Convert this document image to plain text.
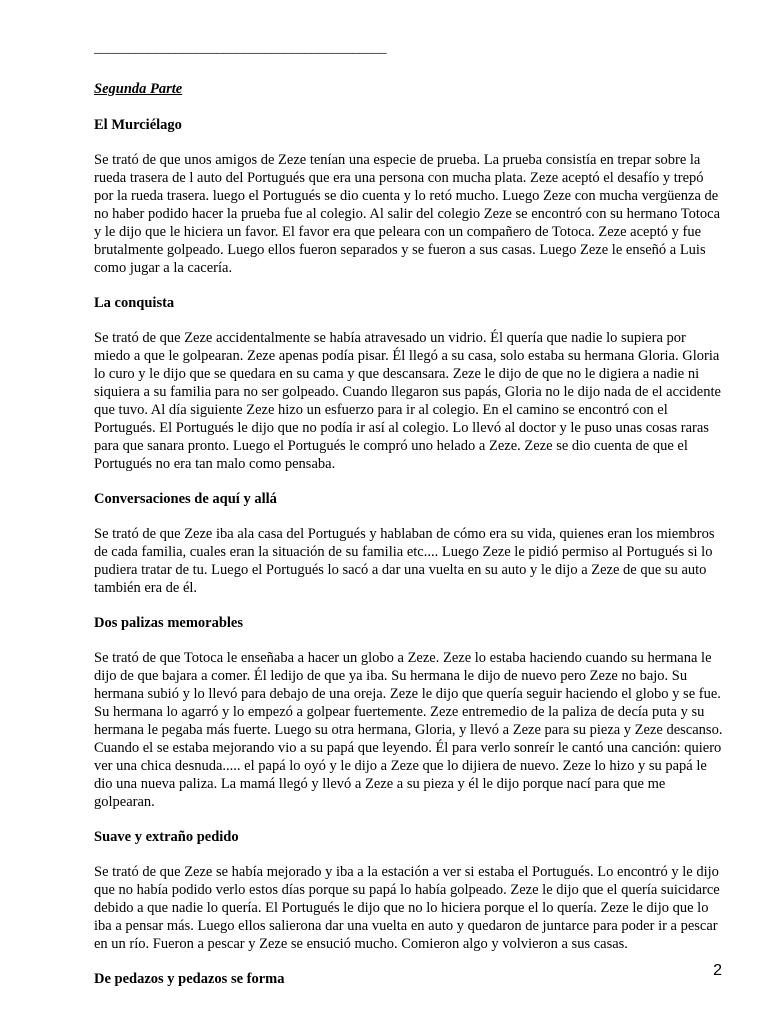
___________________________________________
Segunda Parte
El Murciélago

Se trató de que unos amigos de Zeze tenían una especie de prueba. La prueba consistía en trepar sobre la rueda trasera de l auto del Portugués que era una persona con mucha plata. Zeze aceptó el desafío y trepó por la rueda trasera. luego el Portugués se dio cuenta y lo retó mucho. Luego Zeze con mucha vergüenza de no haber podido hacer la prueba fue al colegio. Al salir del colegio Zeze se encontró con su hermano Totoca y le dijo que le hiciera un favor. El favor era que peleara con un compañero de Totoca. Zeze aceptó y fue brutalmente golpeado. Luego ellos fueron separados y se fueron a sus casas. Luego Zeze le enseñó a Luis como jugar a la cacería.

La conquista

Se trató de que Zeze accidentalmente se había atravesado un vidrio. Él quería que nadie lo supiera por miedo a que le golpearan. Zeze apenas podía pisar. Él llegó a su casa, solo estaba su hermana Gloria. Gloria lo curo y le dijo que se quedara en su cama y que descansara. Zeze le dijo de que no le digiera a nadie ni siquiera a su familia para no ser golpeado. Cuando llegaron sus papás, Gloria no le dijo nada de el accidente que tuvo. Al día siguiente Zeze hizo un esfuerzo para ir al colegio. En el camino se encontró con el Portugués. El Portugués le dijo que no podía ir así al colegio. Lo llevó al doctor y le puso unas cosas raras para que sanara pronto. Luego el Portugués le compró uno helado a Zeze. Zeze se dio cuenta de que el Portugués no era tan malo como pensaba.

Conversaciones de aquí y allá

Se trató de que Zeze iba ala casa del Portugués y hablaban de cómo era su vida, quienes eran los miembros de cada familia, cuales eran la situación de su familia etc.... Luego Zeze le pidió permiso al Portugués si lo pudiera tratar de tu. Luego el Portugués lo sacó a dar una vuelta en su auto y le dijo a Zeze de que su auto también era de él.

Dos palizas memorables

Se trató de que Totoca le enseñaba a hacer un globo a Zeze. Zeze lo estaba haciendo cuando su hermana le dijo de que bajara a comer. Él ledijo de que ya iba. Su hermana le dijo de nuevo pero Zeze no bajo. Su hermana subió y lo llevó para debajo de una oreja. Zeze le dijo que quería seguir haciendo el globo y se fue. Su hermana lo agarró y lo empezó a golpear fuertemente. Zeze entremedio de la paliza de decía puta y su hermana le pegaba más fuerte. Luego su otra hermana, Gloria, y llevó a Zeze para su pieza y Zeze descanso. Cuando el se estaba mejorando vio a su papá que leyendo. Él para verlo sonreír le cantó una canción: quiero ver una chica desnuda..... el papá lo oyó y le dijo a Zeze que lo dijiera de nuevo. Zeze lo hizo y su papá le dio una nueva paliza. La mamá llegó y llevó a Zeze a su pieza y él le dijo porque nací para que me golpearan.

Suave y extraño pedido

Se trató de que Zeze se había mejorado y iba a la estación a ver si estaba el Portugués. Lo encontró y le dijo que no había podido verlo estos días porque su papá lo había golpeado. Zeze le dijo que el quería suicidarce debido a que nadie lo quería. El Portugués le dijo que no lo hiciera porque el lo quería. Zeze le dijo que lo iba a pensar más. Luego ellos salierona dar una vuelta en auto y quedaron de juntarce para poder ir a pescar en un río. Fueron a pescar y Zeze se ensució mucho. Comieron algo y volvieron a sus casas.

De pedazos y pedazos se forma	2
